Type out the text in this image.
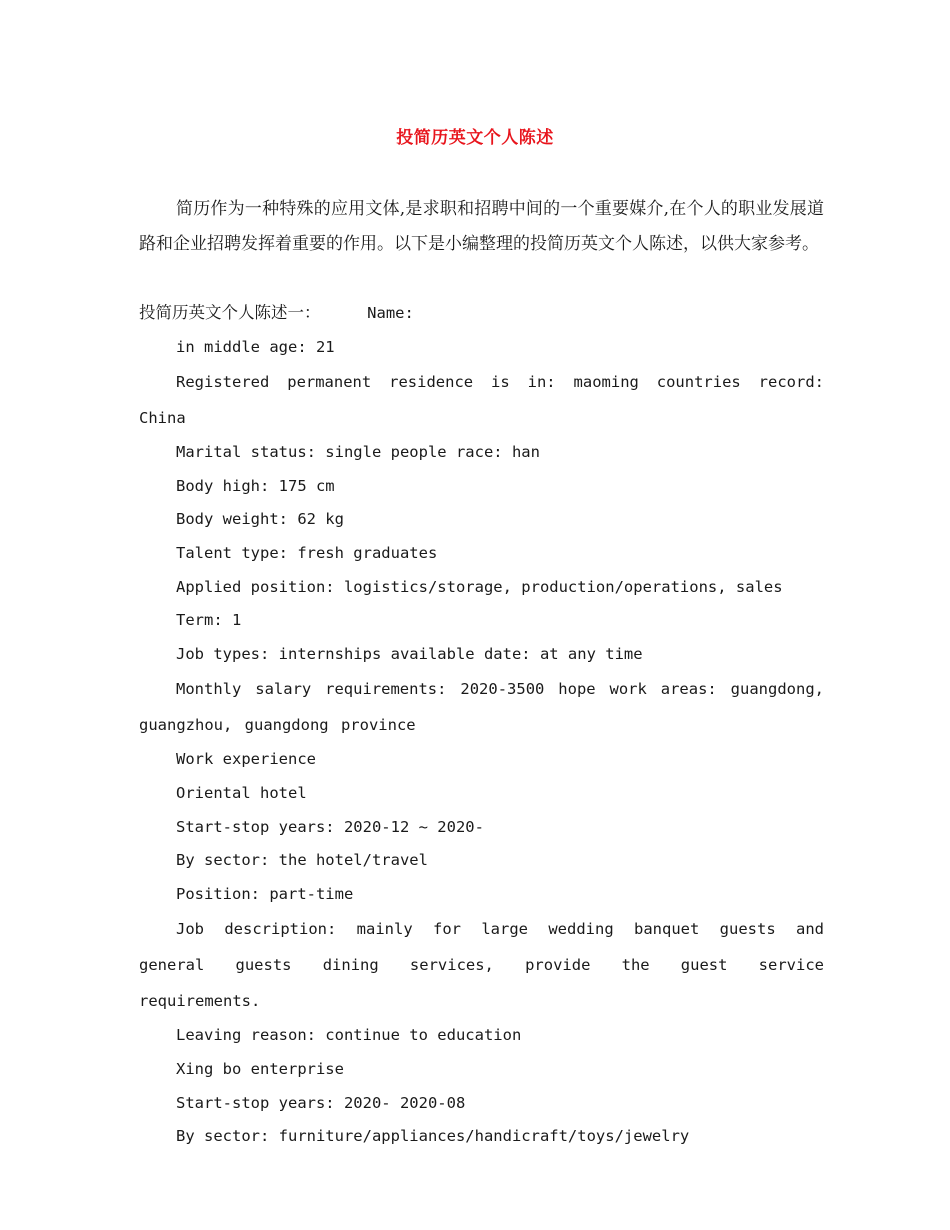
投简历英文个人陈述
简历作为一种特殊的应用文体,是求职和招聘中间的一个重要媒介,在个人的职业发展道路和企业招聘发挥着重要的作用。以下是小编整理的投简历英文个人陈述，以供大家参考。
投简历英文个人陈述一：	Name:
in middle age: 21
Registered permanent residence is in: maoming countries record: China
Marital status: single people race: han
Body high: 175 cm
Body weight: 62 kg
Talent type: fresh graduates
Applied position: logistics/storage, production/operations, sales
Term: 1
Job types: internships available date: at any time
Monthly salary requirements: 2020-3500 hope work areas: guangdong, guangzhou, guangdong province
Work experience
Oriental hotel
Start-stop years: 2020-12 ~ 2020-
By sector: the hotel/travel
Position: part-time
Job description: mainly for large wedding banquet guests and general guests dining services, provide the guest service requirements.
Leaving reason: continue to education
Xing bo enterprise
Start-stop years: 2020- 2020-08
By sector: furniture/appliances/handicraft/toys/jewelry
